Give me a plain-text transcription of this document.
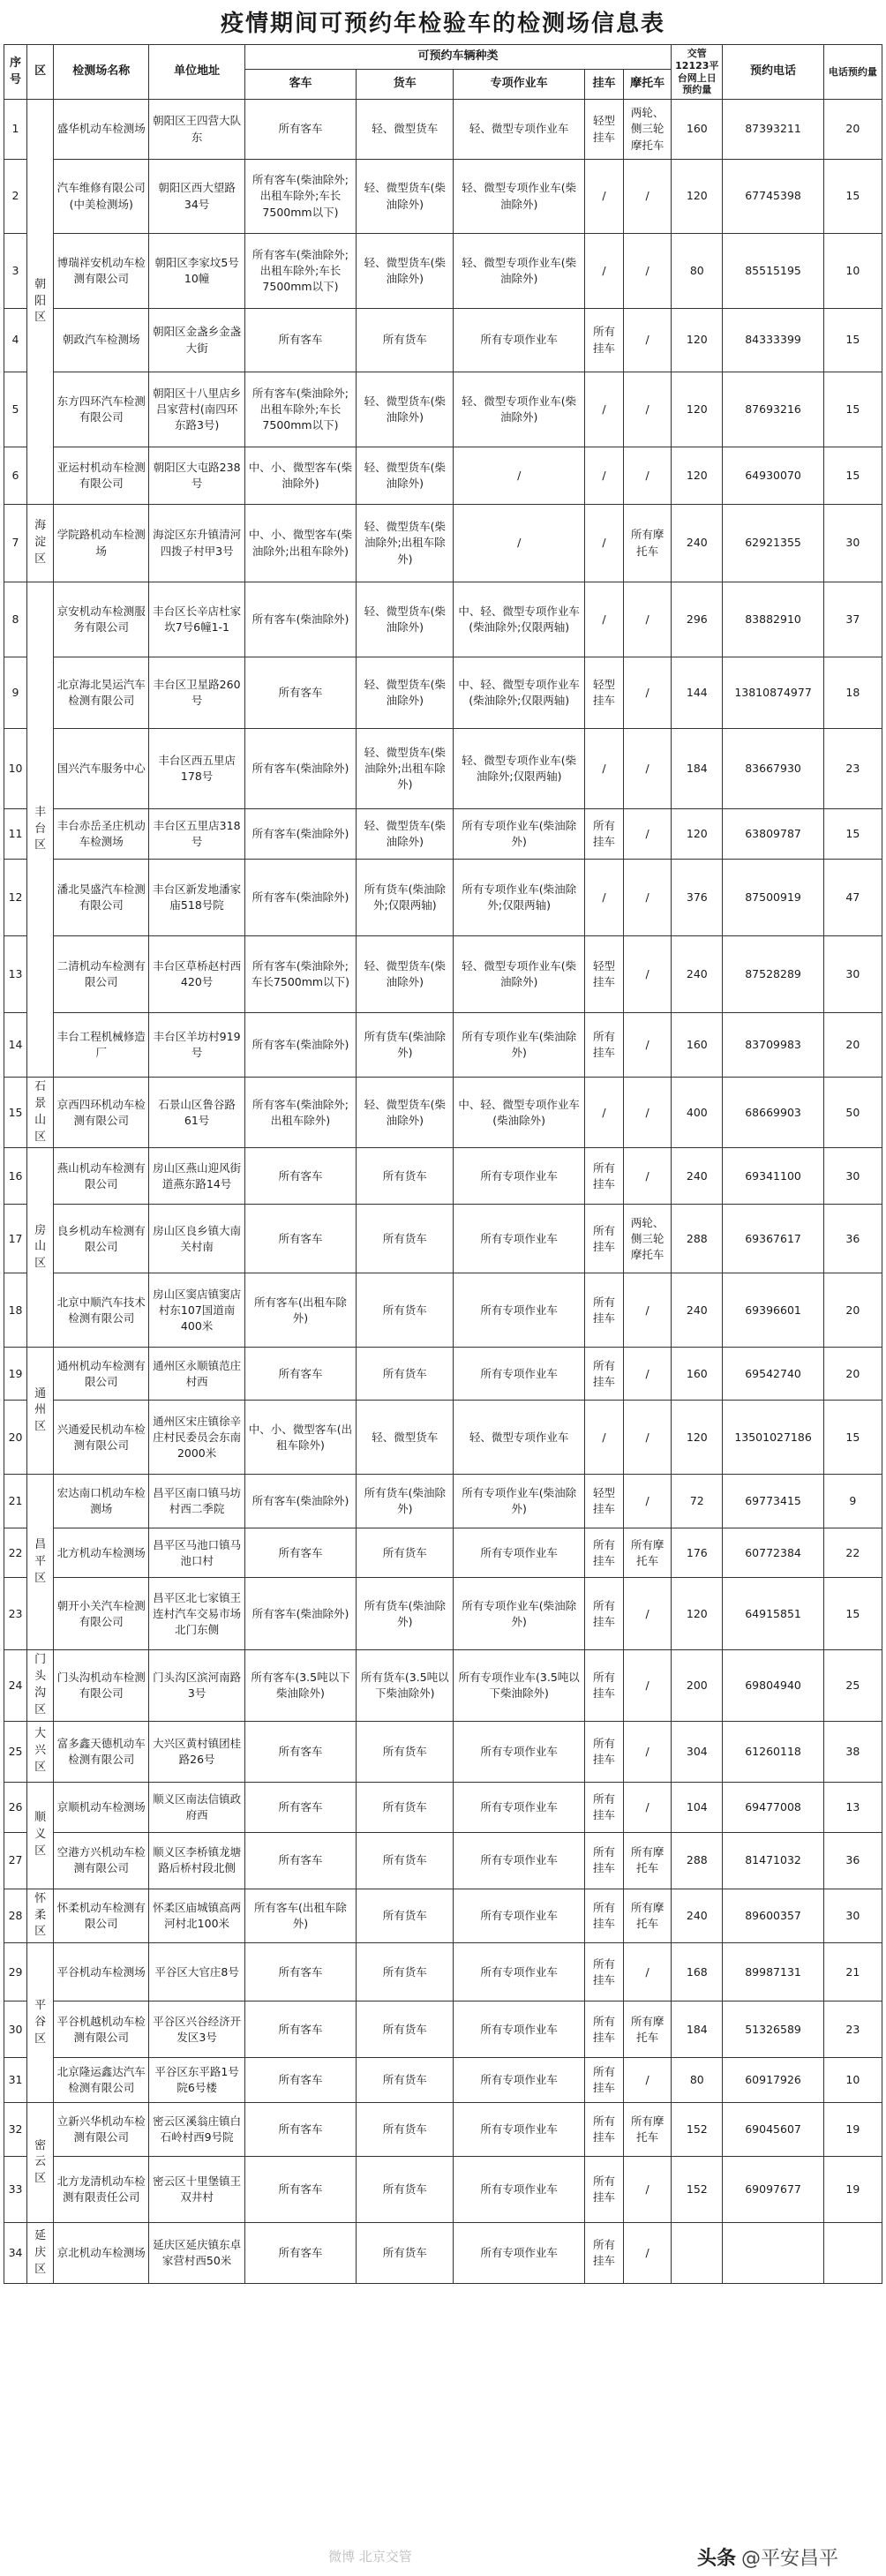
疫情期间可预约年检验车的检测场信息表
序号	区	检测场名称	单位地址	可预约车辆种类					交管12123平台网上日预约量	预约电话	电话预约量
				客车	货车	专项作业车	挂车	摩托车			
1	朝阳区	盛华机动车检测场	朝阳区王四营大队东	所有客车	轻、微型货车	轻、微型专项作业车	轻型挂车	两轮、侧三轮摩托车	160	87393211	20
2		汽车维修有限公司(中美检测场)	朝阳区西大望路34号	所有客车(柴油除外;出租车除外;车长7500mm以下)	轻、微型货车(柴油除外)	轻、微型专项作业车(柴油除外)	/	/	120	67745398	15
3		博瑞祥安机动车检测有限公司	朝阳区李家坟5号10幢	所有客车(柴油除外;出租车除外;车长7500mm以下)	轻、微型货车(柴油除外)	轻、微型专项作业车(柴油除外)	/	/	80	85515195	10
4		朝政汽车检测场	朝阳区金盏乡金盏大街	所有客车	所有货车	所有专项作业车	所有挂车	/	120	84333399	15
5		东方四环汽车检测有限公司	朝阳区十八里店乡吕家营村(南四环东路3号)	所有客车(柴油除外;出租车除外;车长7500mm以下)	轻、微型货车(柴油除外)	轻、微型专项作业车(柴油除外)	/	/	120	87693216	15
6		亚运村机动车检测有限公司	朝阳区大屯路238号	中、小、微型客车(柴油除外)	轻、微型货车(柴油除外)	/	/	/	120	64930070	15
7	海淀区	学院路机动车检测场	海淀区东升镇清河四拨子村甲3号	中、小、微型客车(柴油除外;出租车除外)	轻、微型货车(柴油除外;出租车除外)	/	/	所有摩托车	240	62921355	30
8	丰台区	京安机动车检测服务有限公司	丰台区长辛店杜家坎7号6幢1-1	所有客车(柴油除外)	轻、微型货车(柴油除外)	中、轻、微型专项作业车(柴油除外;仅限两轴)	/	/	296	83882910	37
9		北京海北昊运汽车检测有限公司	丰台区卫星路260号	所有客车	轻、微型货车(柴油除外)	中、轻、微型专项作业车(柴油除外;仅限两轴)	轻型挂车	/	144	13810874977	18
10		国兴汽车服务中心	丰台区西五里店178号	所有客车(柴油除外)	轻、微型货车(柴油除外;出租车除外)	轻、微型专项作业车(柴油除外;仅限两轴)	/	/	184	83667930	23
11		丰台赤岳圣庄机动车检测场	丰台区五里店318号	所有客车(柴油除外)	轻、微型货车(柴油除外)	所有专项作业车(柴油除外)	所有挂车	/	120	63809787	15
12		潘北昊盛汽车检测有限公司	丰台区新发地潘家庙518号院	所有客车(柴油除外)	所有货车(柴油除外;仅限两轴)	所有专项作业车(柴油除外;仅限两轴)	/	/	376	87500919	47
13		二清机动车检测有限公司	丰台区草桥赵村西420号	所有客车(柴油除外;车长7500mm以下)	轻、微型货车(柴油除外)	轻、微型专项作业车(柴油除外)	轻型挂车	/	240	87528289	30
14		丰台工程机械修造厂	丰台区羊坊村919号	所有客车(柴油除外)	所有货车(柴油除外)	所有专项作业车(柴油除外)	所有挂车	/	160	83709983	20
15	石景山区	京西四环机动车检测有限公司	石景山区鲁谷路61号	所有客车(柴油除外;出租车除外)	轻、微型货车(柴油除外)	中、轻、微型专项作业车(柴油除外)	/	/	400	68669903	50
16	房山区	燕山机动车检测有限公司	房山区燕山迎风街道燕东路14号	所有客车	所有货车	所有专项作业车	所有挂车	/	240	69341100	30
17		良乡机动车检测有限公司	房山区良乡镇大南关村南	所有客车	所有货车	所有专项作业车	所有挂车	两轮、侧三轮摩托车	288	69367617	36
18		北京中顺汽车技术检测有限公司	房山区窦店镇窦店村东107国道南400米	所有客车(出租车除外)	所有货车	所有专项作业车	所有挂车	/	240	69396601	20
19	通州区	通州机动车检测有限公司	通州区永顺镇范庄村西	所有客车	所有货车	所有专项作业车	所有挂车	/	160	69542740	20
20		兴通爱民机动车检测有限公司	通州区宋庄镇徐辛庄村民委员会东南2000米	中、小、微型客车(出租车除外)	轻、微型货车	轻、微型专项作业车	/	/	120	13501027186	15
21	昌平区	宏达南口机动车检测场	昌平区南口镇马坊村西二季院	所有客车(柴油除外)	所有货车(柴油除外)	所有专项作业车(柴油除外)	轻型挂车	/	72	69773415	9
22		北方机动车检测场	昌平区马池口镇马池口村	所有客车	所有货车	所有专项作业车	所有挂车	所有摩托车	176	60772384	22
23		朝开小关汽车检测有限公司	昌平区北七家镇王连村汽车交易市场北门东侧	所有客车(柴油除外)	所有货车(柴油除外)	所有专项作业车(柴油除外)	所有挂车	/	120	64915851	15
24	门头沟区	门头沟机动车检测有限公司	门头沟区滨河南路3号	所有客车(3.5吨以下柴油除外)	所有货车(3.5吨以下柴油除外)	所有专项作业车(3.5吨以下柴油除外)	所有挂车	/	200	69804940	25
25	大兴区	富多鑫天德机动车检测有限公司	大兴区黄村镇团桂路26号	所有客车	所有货车	所有专项作业车	所有挂车	/	304	61260118	38
26	顺义区	京顺机动车检测场	顺义区南法信镇政府西	所有客车	所有货车	所有专项作业车	所有挂车	/	104	69477008	13
27		空港方兴机动车检测有限公司	顺义区李桥镇龙塘路后桥村段北侧	所有客车	所有货车	所有专项作业车	所有挂车	所有摩托车	288	81471032	36
28	怀柔区	怀柔机动车检测有限公司	怀柔区庙城镇高两河村北100米	所有客车(出租车除外)	所有货车	所有专项作业车	所有挂车	所有摩托车	240	89600357	30
29	平谷区	平谷机动车检测场	平谷区大官庄8号	所有客车	所有货车	所有专项作业车	所有挂车	/	168	89987131	21
30		平谷机越机动车检测有限公司	平谷区兴谷经济开发区3号	所有客车	所有货车	所有专项作业车	所有挂车	所有摩托车	184	51326589	23
31		北京隆运鑫达汽车检测有限公司	平谷区东平路1号院6号楼	所有客车	所有货车	所有专项作业车	所有挂车	/	80	60917926	10
32	密云区	立新兴华机动车检测有限公司	密云区溪翁庄镇白石岭村西9号院	所有客车	所有货车	所有专项作业车	所有挂车	所有摩托车	152	69045607	19
33		北方龙清机动车检测有限责任公司	密云区十里堡镇王双井村	所有客车	所有货车	所有专项作业车	所有挂车	/	152	69097677	19
34	延庆区	京北机动车检测场	延庆区延庆镇东卓家营村西50米	所有客车	所有货车	所有专项作业车	所有挂车	/			
微博 北京交管	头条 @平安昌平
